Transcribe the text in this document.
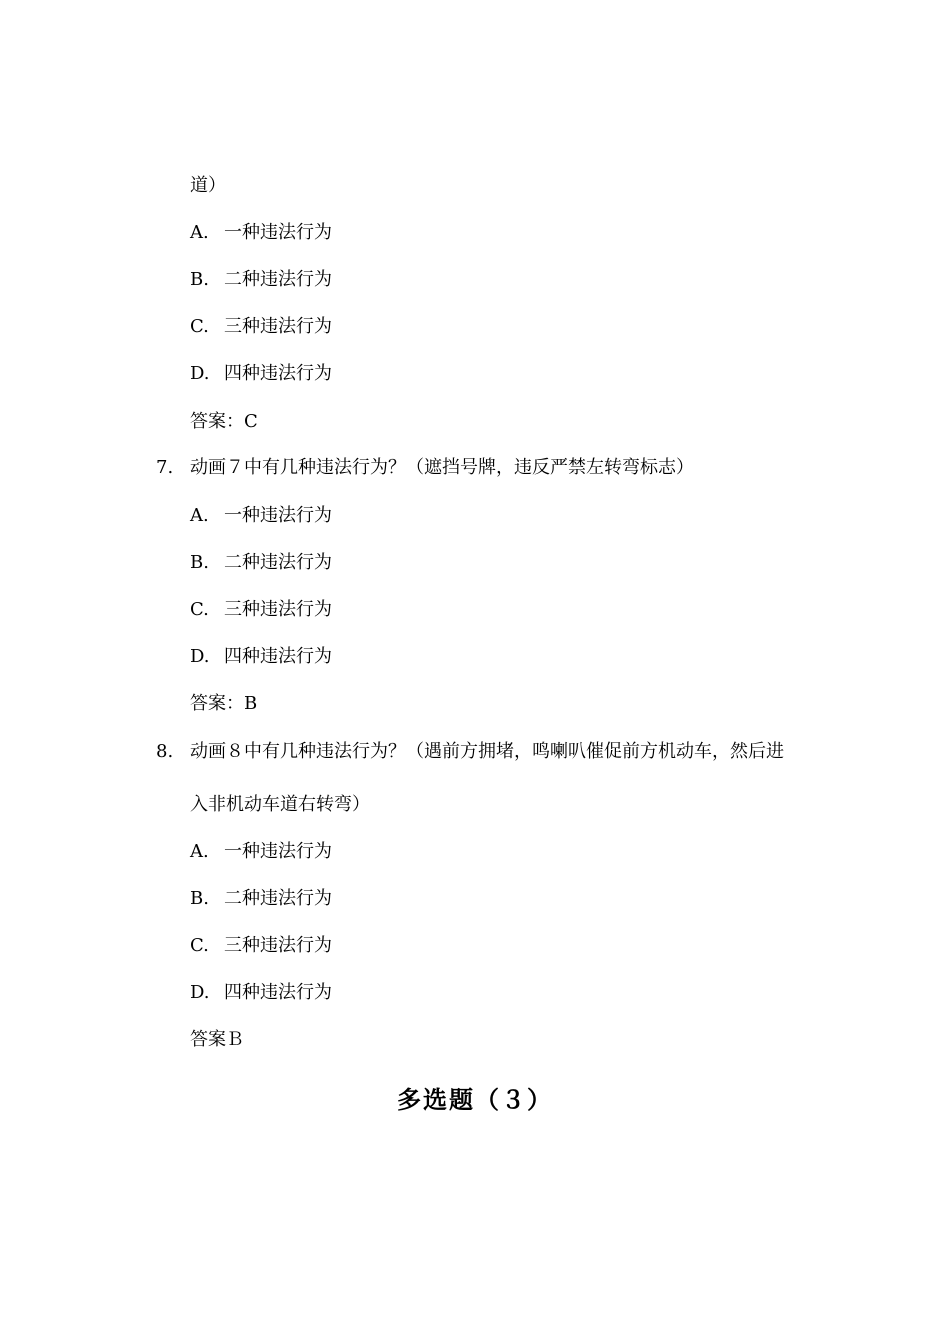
道）
A. 一种违法行为
B. 二种违法行为
C. 三种违法行为
D. 四种违法行为
答案：C
7. 动画７中有几种违法行为？（遮挡号牌，违反严禁左转弯标志）
A. 一种违法行为
B. 二种违法行为
C. 三种违法行为
D. 四种违法行为
答案：B
8. 动画８中有几种违法行为？（遇前方拥堵，鸣喇叭催促前方机动车，然后进
入非机动车道右转弯）
A. 一种违法行为
B. 二种违法行为
C. 三种违法行为
D. 四种违法行为
答案Ｂ
多选题（３）
